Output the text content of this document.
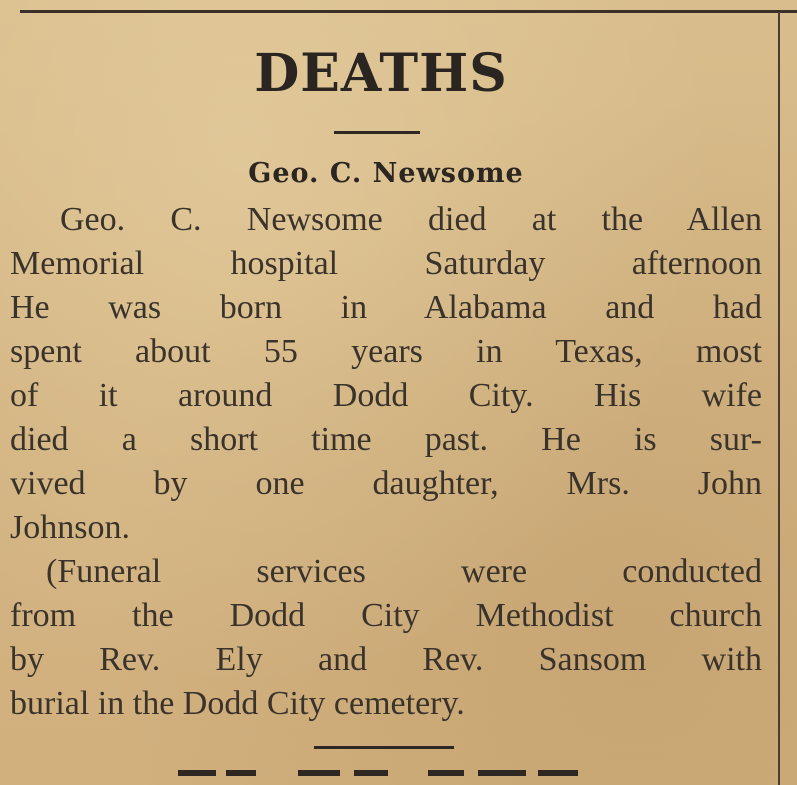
DEATHS
Geo. C. Newsome
Geo. C. Newsome died at the Allen
Memorial hospital Saturday afternoon
He was born in Alabama and had
spent about 55 years in Texas, most
of it around Dodd City. His wife
died a short time past. He is sur-
vived by one daughter, Mrs. John
Johnson.
(Funeral services were conducted
from the Dodd City Methodist church
by Rev. Ely and Rev. Sansom with
burial in the Dodd City cemetery.
